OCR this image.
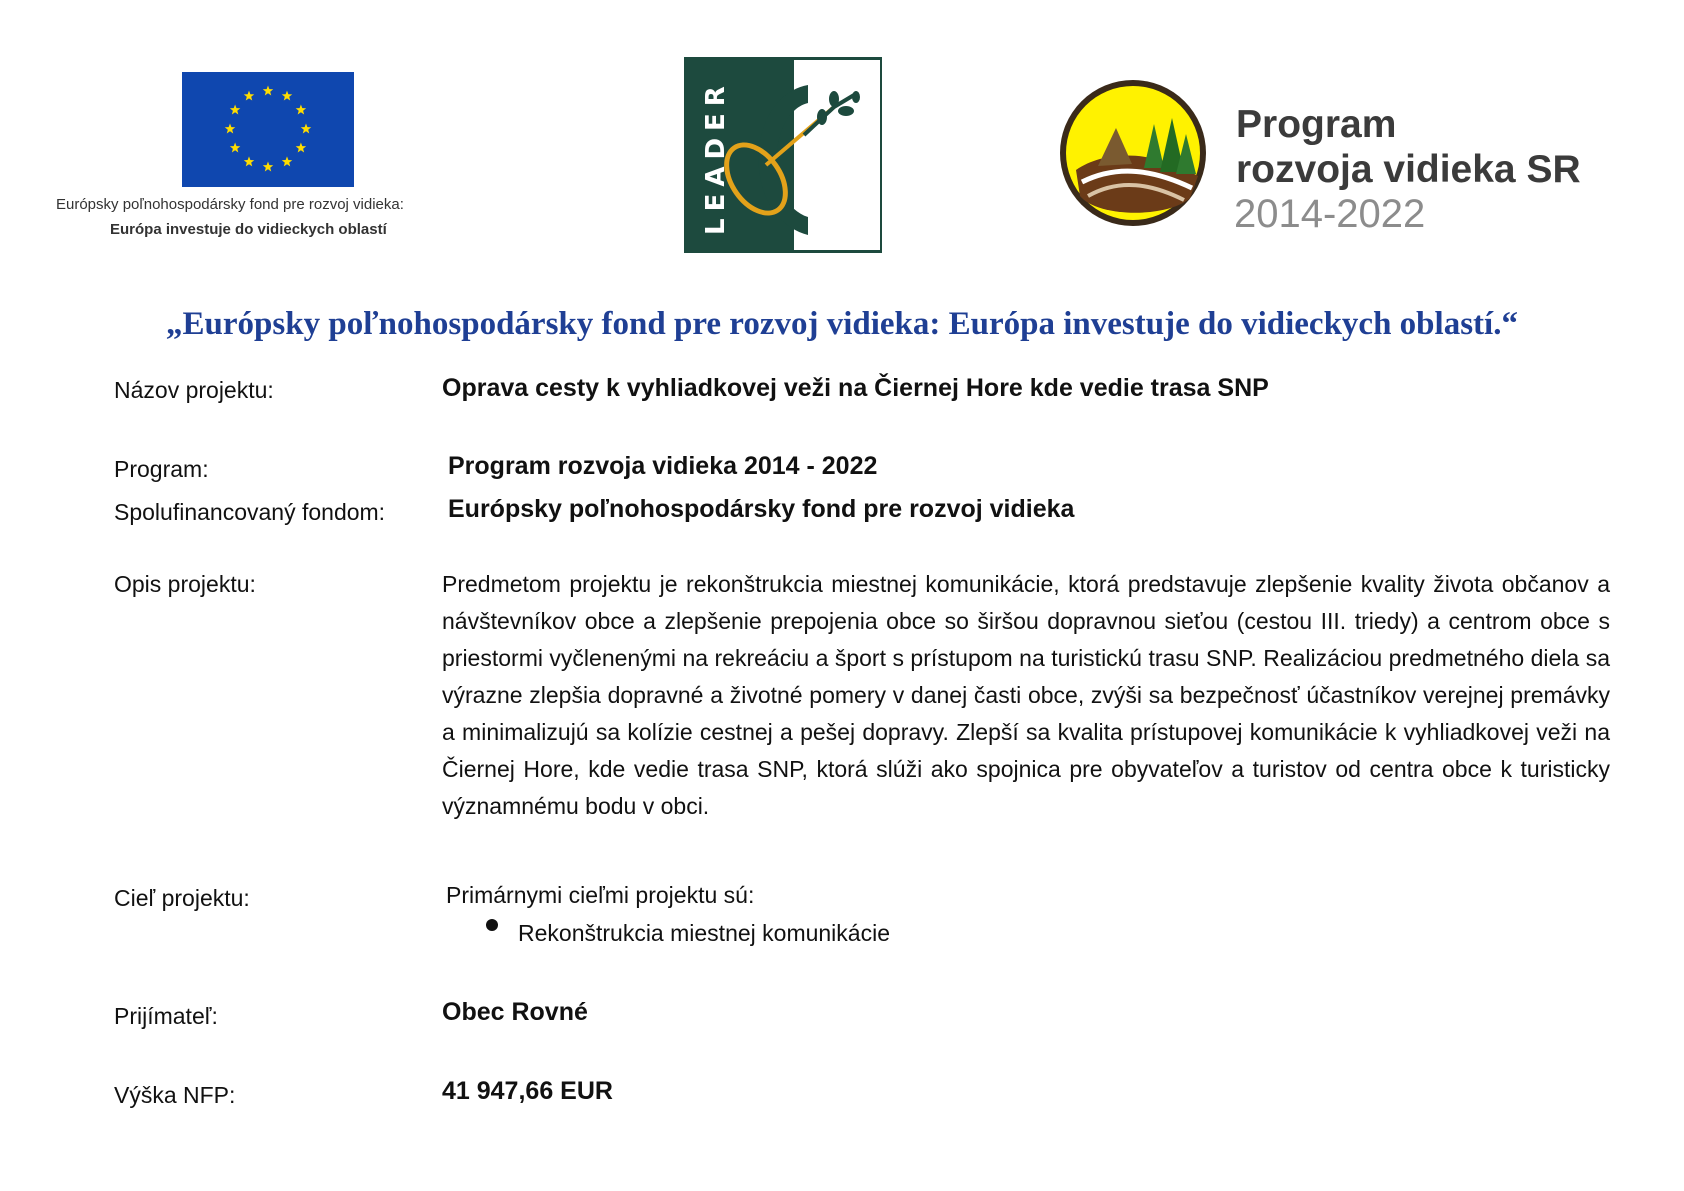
Európsky poľnohospodársky fond pre rozvoj vidieka:
Európa investuje do vidieckych oblastí	LEADER	Program
rozvoja vidieka SR
2014-2022
„Európsky poľnohospodársky fond pre rozvoj vidieka: Európa investuje do vidieckych oblastí.“
Názov projektu:	Oprava cesty k vyhliadkovej veži na Čiernej Hore kde vedie trasa SNP
Program:	Program rozvoja vidieka 2014 - 2022
Spolufinancovaný fondom:	Európsky poľnohospodársky fond pre rozvoj vidieka
Opis projektu:	Predmetom projektu je rekonštrukcia miestnej komunikácie, ktorá predstavuje zlepšenie kvality života občanov a návštevníkov obce a zlepšenie prepojenia obce so širšou dopravnou sieťou (cestou III. triedy) a centrom obce s priestormi vyčlenenými na rekreáciu a šport s prístupom na turistickú trasu SNP. Realizáciou predmetného diela sa výrazne zlepšia dopravné a životné pomery v danej časti obce, zvýši sa bezpečnosť účastníkov verejnej premávky a minimalizujú sa kolízie cestnej a pešej dopravy. Zlepší sa kvalita prístupovej komunikácie k vyhliadkovej veži na Čiernej Hore, kde vedie trasa SNP, ktorá slúži ako spojnica pre obyvateľov a turistov od centra obce k turisticky významnému bodu v obci.
Cieľ projektu:	Primárnymi cieľmi projektu sú:
Rekonštrukcia miestnej komunikácie
Prijímateľ:	Obec Rovné
Výška NFP:	41 947,66 EUR
